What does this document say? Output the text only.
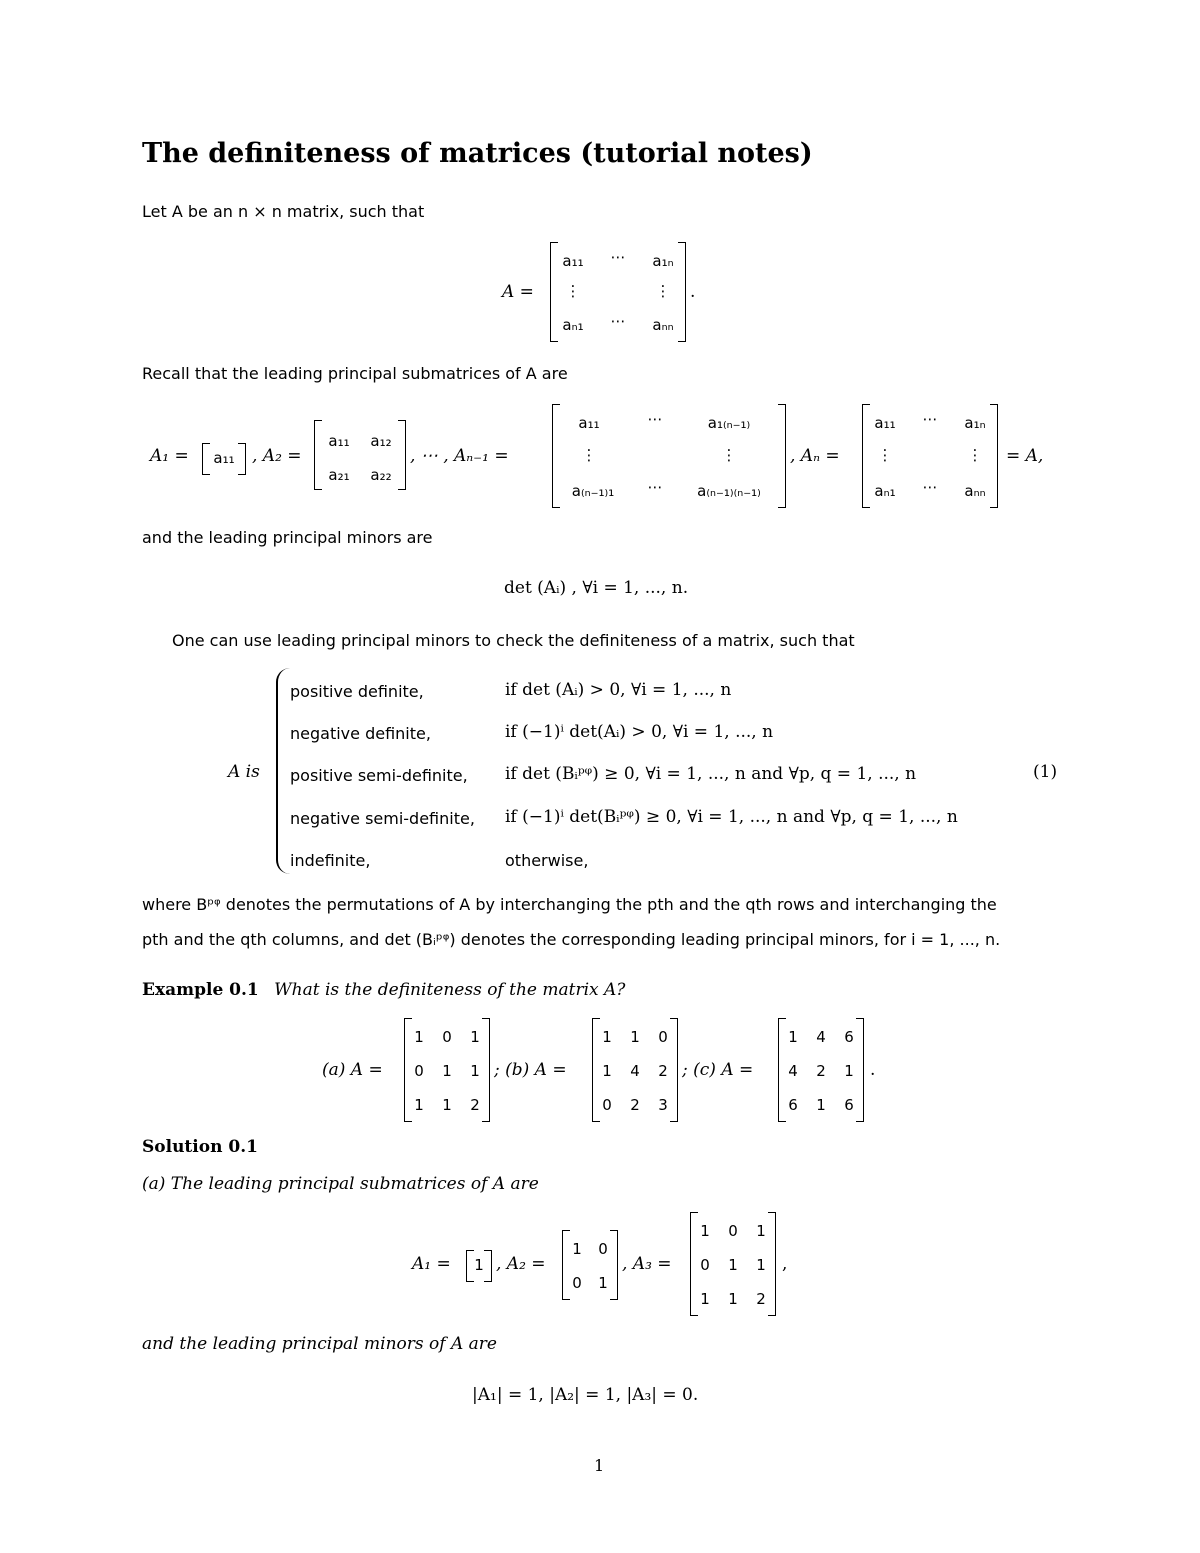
The definiteness of matrices (tutorial notes)
Let A be an n × n matrix, such that
A =
a₁₁	⋯	a₁ₙ
⋮	⋮
aₙ₁	⋯	aₙₙ
.
Recall that the leading principal submatrices of A are
A₁ =	a₁₁	, A₂ =
a₁₁	a₁₂
a₂₁	a₂₂
, ⋯ , Aₙ₋₁ =
a₁₁	⋯	a₁₍ₙ₋₁₎
⋮	⋮
a₍ₙ₋₁₎₁	⋯	a₍ₙ₋₁₎₍ₙ₋₁₎
, Aₙ =
a₁₁	⋯	a₁ₙ
⋮	⋮
aₙ₁	⋯	aₙₙ
= A,
and the leading principal minors are
det (Aᵢ) , ∀i = 1, ..., n.
One can use leading principal minors to check the definiteness of a matrix, such that
A is
positive definite,	if det (Aᵢ) > 0, ∀i = 1, ..., n
negative definite,	if (−1)ⁱ det(Aᵢ) > 0, ∀i = 1, ..., n
positive semi-definite, if det (Bᵢᵖᵠ) ≥ 0, ∀i = 1, ..., n and ∀p, q = 1, ..., n
negative semi-definite, if (−1)ⁱ det(Bᵢᵖᵠ) ≥ 0, ∀i = 1, ..., n and ∀p, q = 1, ..., n
indefinite,	otherwise,
(1)
where Bᵖᵠ denotes the permutations of A by interchanging the pth and the qth rows and interchanging the
pth and the qth columns, and det (Bᵢᵖᵠ) denotes the corresponding leading principal minors, for i = 1, ..., n.
Example 0.1 What is the definiteness of the matrix A?
(a) A =
1	0	1
0	1	1
1	1	2
; (b) A =
1	1	0
1	4	2
0	2	3
; (c) A =
1	4	6
4	2	1
6	1	6
.
Solution 0.1
(a) The leading principal submatrices of A are
A₁ =	1 , A₂ =
1	0
0	1
, A₃ =
1	0	1
0	1	1
1	1	2
,
and the leading principal minors of A are
|A₁| = 1, |A₂| = 1, |A₃| = 0.
1
